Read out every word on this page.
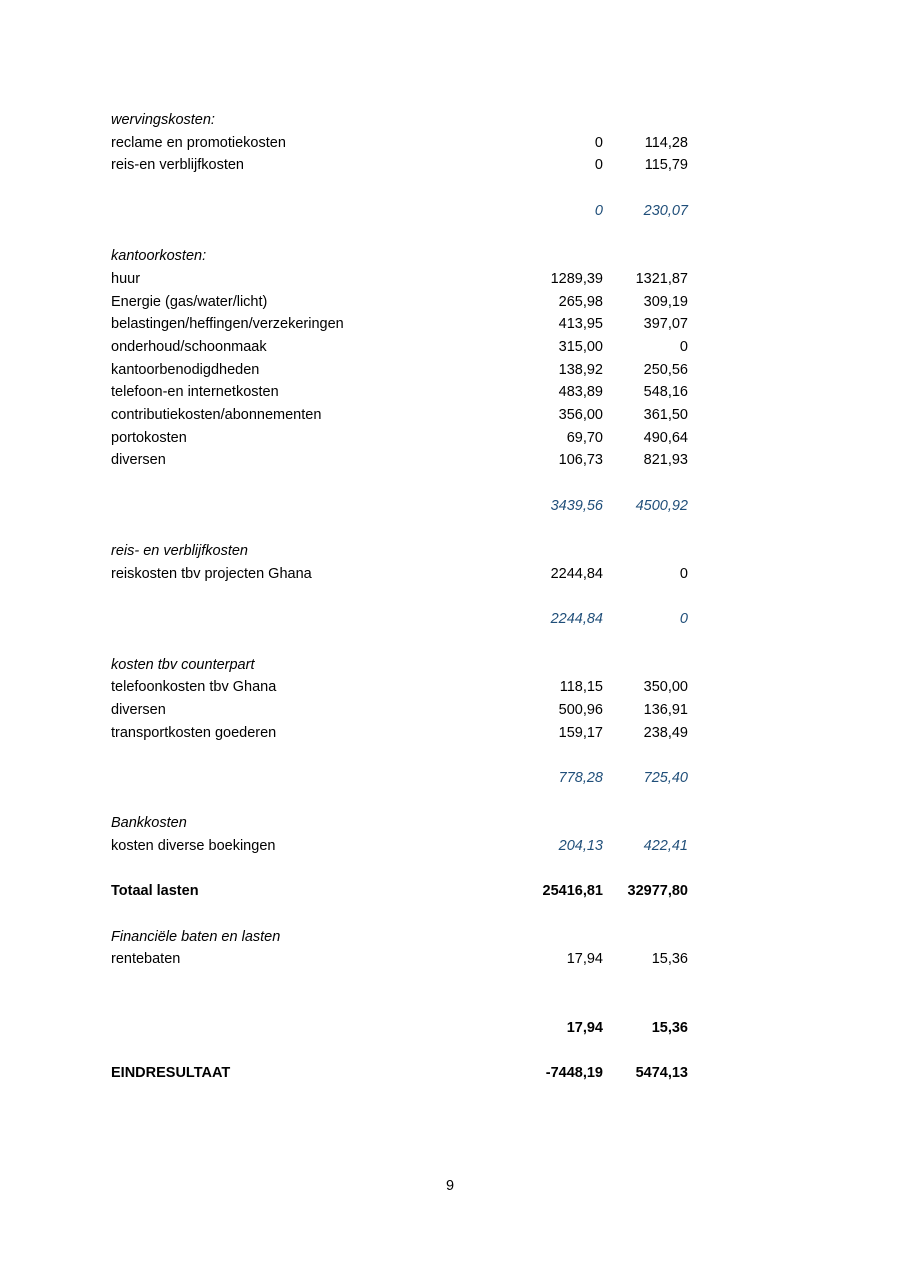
wervingskosten:
reclame en promotiekosten	0	114,28
reis-en verblijfkosten	0	115,79
0	230,07
kantoorkosten:
huur	1289,39 1321,87
Energie (gas/water/licht)	265,98	309,19
belastingen/heffingen/verzekeringen	413,95	397,07
onderhoud/schoonmaak	315,00	0
kantoorbenodigdheden	138,92	250,56
telefoon-en internetkosten	483,89	548,16
contributiekosten/abonnementen	356,00	361,50
portokosten	69,70	490,64
diversen	106,73	821,93
3439,56 4500,92
reis- en verblijfkosten
reiskosten tbv projecten Ghana	2244,84	0
2244,84	0
kosten tbv counterpart
telefoonkosten tbv Ghana	118,15	350,00
diversen	500,96	136,91
transportkosten goederen	159,17	238,49
778,28	725,40
Bankkosten
kosten diverse boekingen	204,13	422,41
Totaal lasten	25416,81 32977,80
Financiële baten en lasten
rentebaten	17,94	15,36
17,94	15,36
EINDRESULTAAT	-7448,19 5474,13
9
